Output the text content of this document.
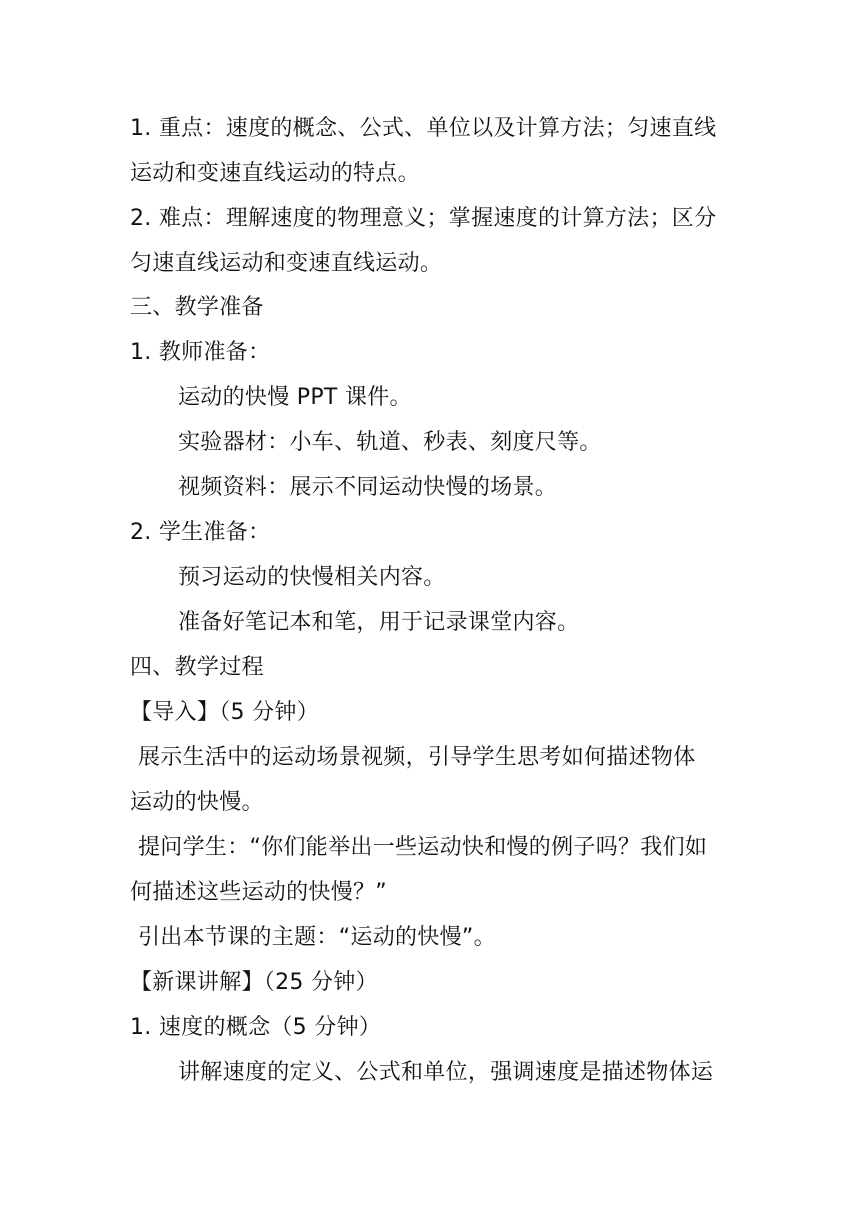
1. 重点：速度的概念、公式、单位以及计算方法；匀速直线
运动和变速直线运动的特点。
2. 难点：理解速度的物理意义；掌握速度的计算方法；区分
匀速直线运动和变速直线运动。
三、教学准备
1. 教师准备：
运动的快慢 PPT 课件。
实验器材：小车、轨道、秒表、刻度尺等。
视频资料：展示不同运动快慢的场景。
2. 学生准备：
预习运动的快慢相关内容。
准备好笔记本和笔，用于记录课堂内容。
四、教学过程
【导入】（5 分钟）
展示生活中的运动场景视频，引导学生思考如何描述物体
运动的快慢。
提问学生：“你们能举出一些运动快和慢的例子吗？我们如
何描述这些运动的快慢？”
引出本节课的主题：“运动的快慢”。
【新课讲解】（25 分钟）
1. 速度的概念（5 分钟）
讲解速度的定义、公式和单位，强调速度是描述物体运
